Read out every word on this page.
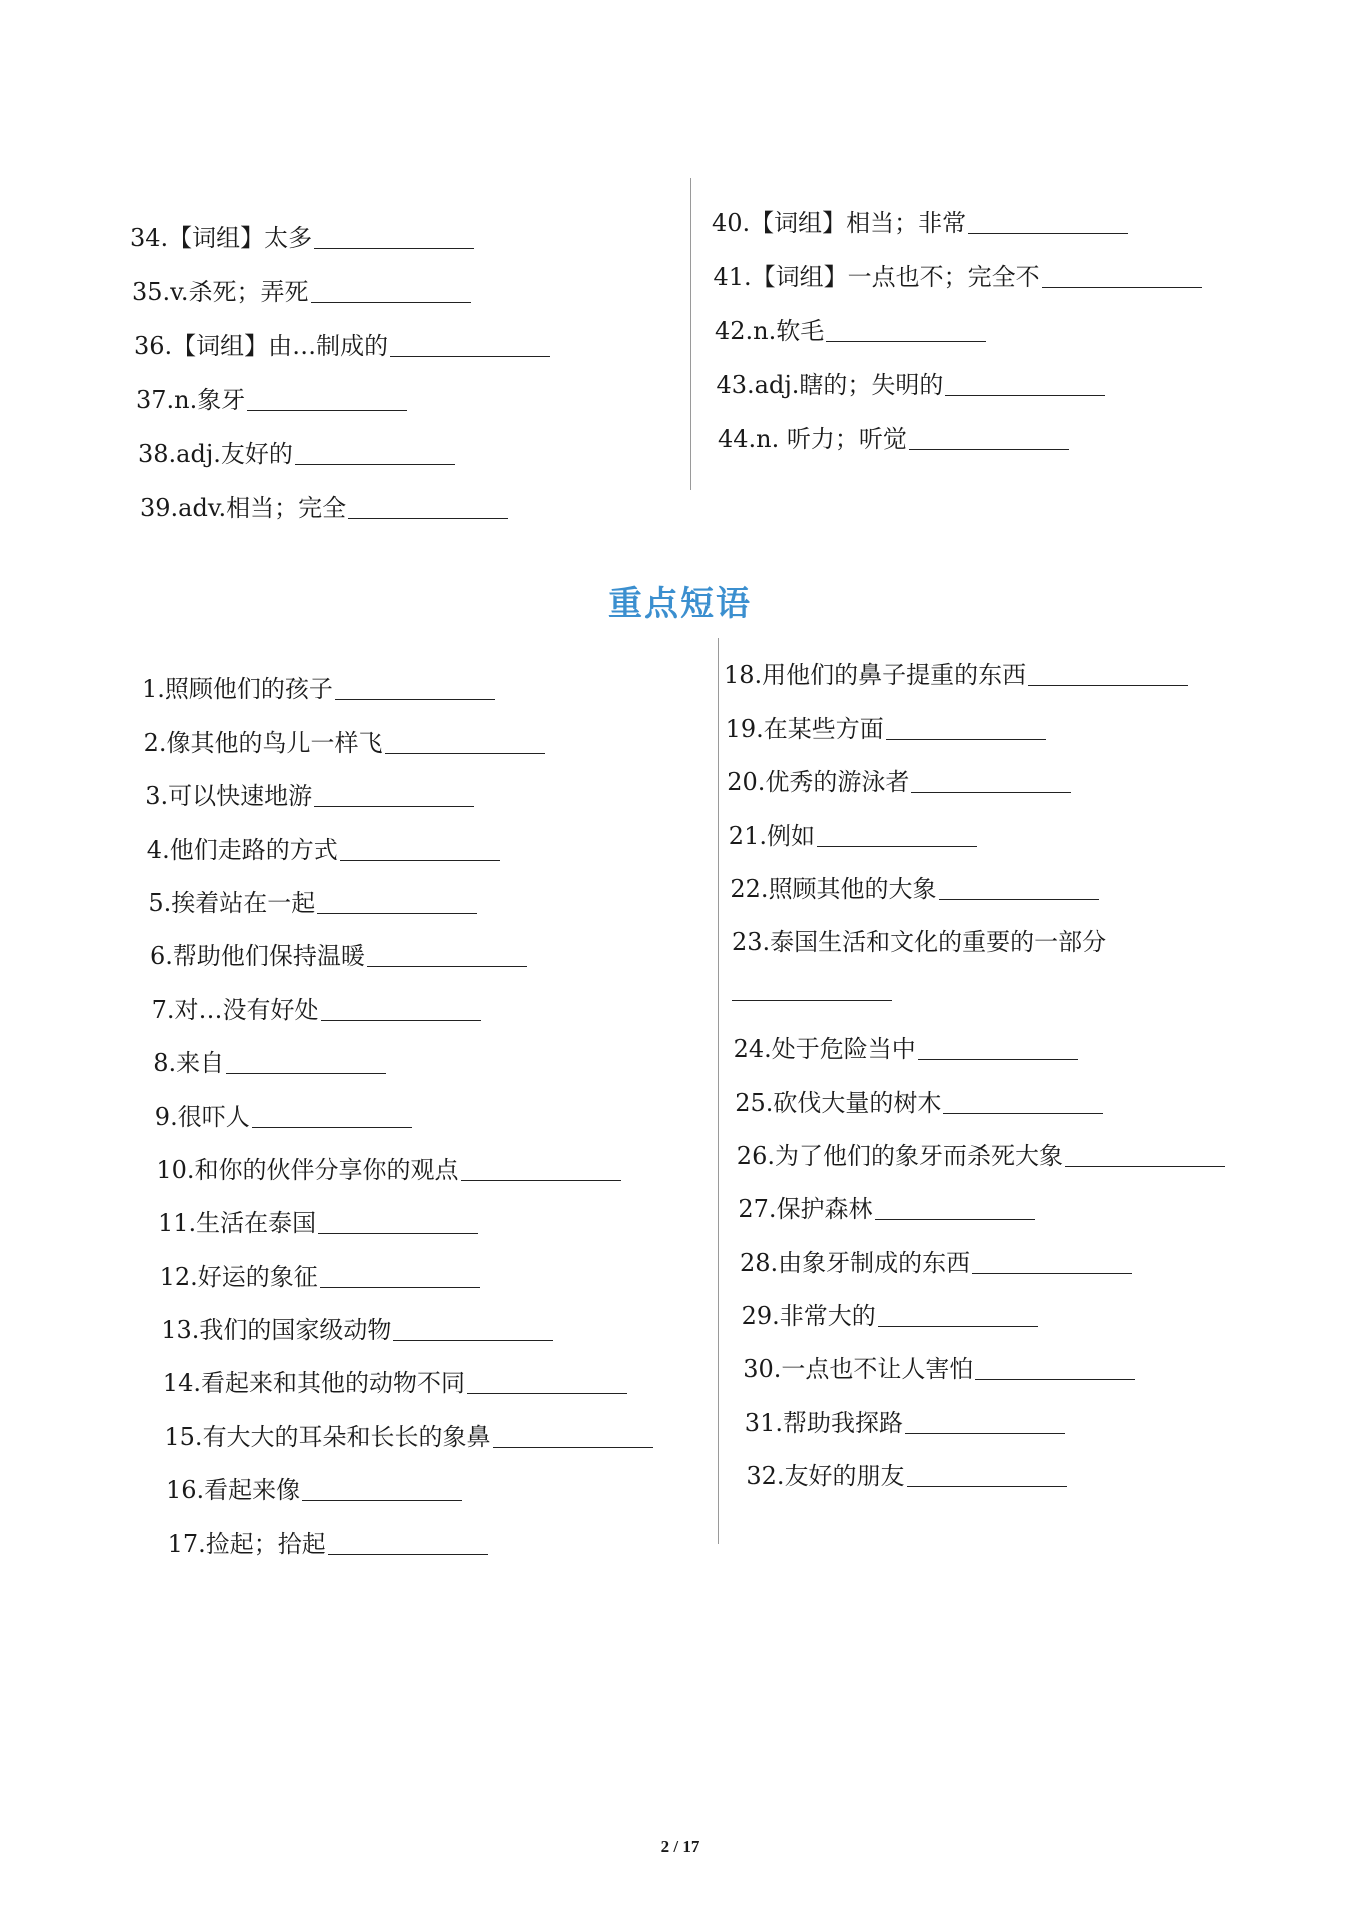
34. 【词组】太多
35. v.杀死；弄死
36. 【词组】由…制成的
37. n.象牙
38. adj.友好的
39. adv.相当；完全
40. 【词组】相当；非常
41. 【词组】一点也不；完全不
42. n.软毛
43. adj.瞎的；失明的
44. n. 听力；听觉
重点短语
1. 照顾他们的孩子
2. 像其他的鸟儿一样飞
3. 可以快速地游
4. 他们走路的方式
5. 挨着站在一起
6. 帮助他们保持温暖
7. 对…没有好处
8. 来自
9. 很吓人
10. 和你的伙伴分享你的观点
11. 生活在泰国
12. 好运的象征
13. 我们的国家级动物
14. 看起来和其他的动物不同
15. 有大大的耳朵和长长的象鼻
16. 看起来像
17. 捡起；拾起
18. 用他们的鼻子提重的东西
19. 在某些方面
20. 优秀的游泳者
21. 例如
22. 照顾其他的大象
23. 泰国生活和文化的重要的一部分
24. 处于危险当中
25. 砍伐大量的树木
26. 为了他们的象牙而杀死大象
27. 保护森林
28. 由象牙制成的东西
29. 非常大的
30. 一点也不让人害怕
31. 帮助我探路
32. 友好的朋友
2 / 17
